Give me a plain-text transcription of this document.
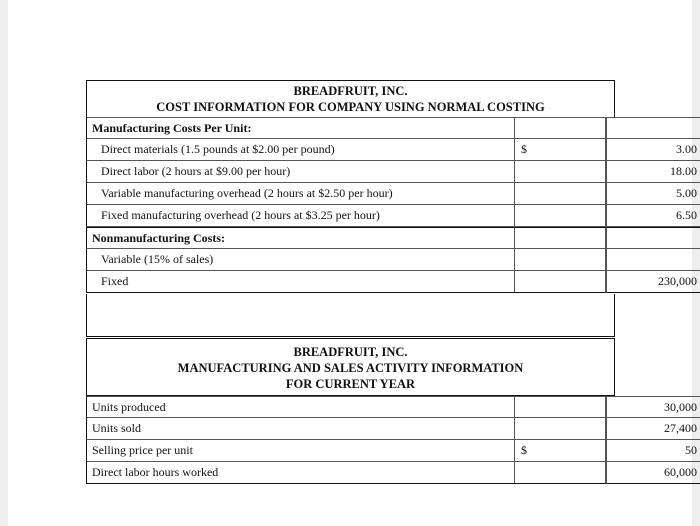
BREADFRUIT, INC.
COST INFORMATION FOR COMPANY USING NORMAL COSTING
Manufacturing Costs Per Unit:
Direct materials (1.5 pounds at $2.00 per pound)	$	3.00
Direct labor (2 hours at $9.00 per hour)	18.00
Variable manufacturing overhead (2 hours at $2.50 per hour)	5.00
Fixed manufacturing overhead (2 hours at $3.25 per hour)	6.50
Nonmanufacturing Costs:
Variable (15% of sales)
Fixed	230,000
BREADFRUIT, INC.
MANUFACTURING AND SALES ACTIVITY INFORMATION
FOR CURRENT YEAR
Units produced	30,000
Units sold	27,400
Selling price per unit	$	50
Direct labor hours worked	60,000
